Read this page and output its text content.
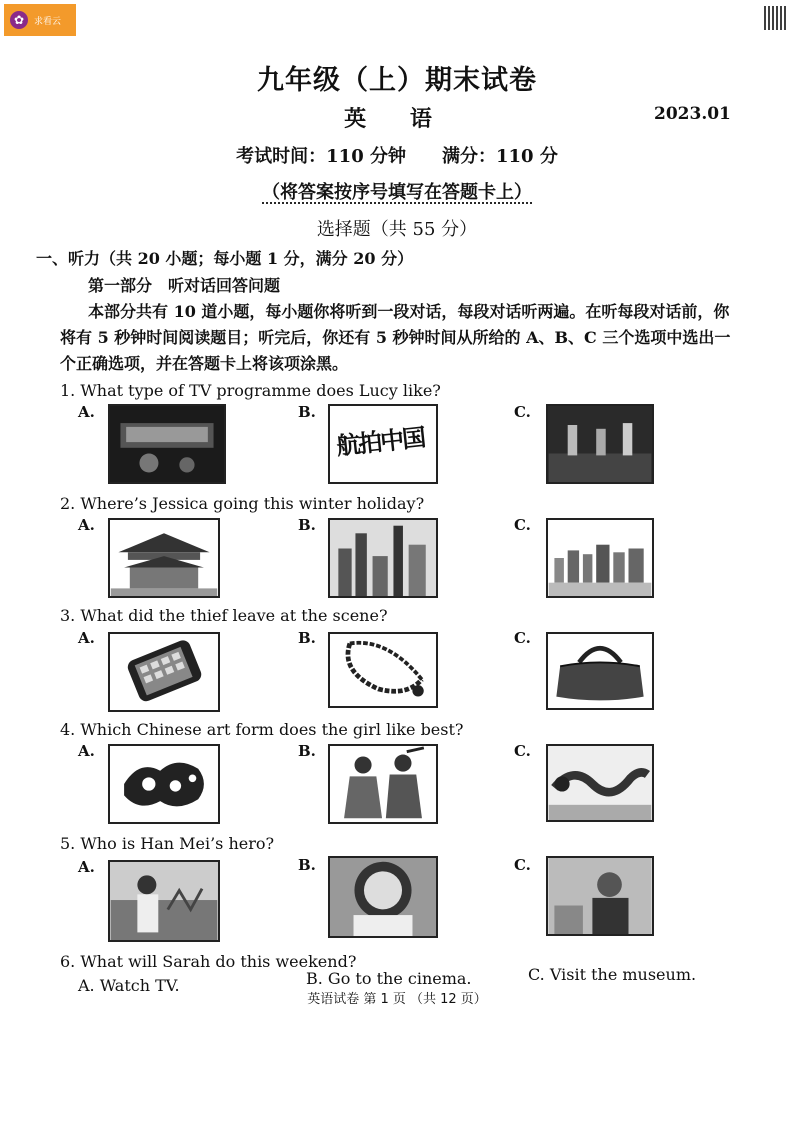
✿	求看云
九年级（上）期末试卷
英 语	2023.01
考试时间：110 分钟　　满分：110 分
（将答案按序号填写在答题卡上）
选择题（共 55 分）
一、听力（共 20 小题；每小题 1 分，满分 20 分）
第一部分　听对话回答问题
本部分共有 10 道小题，每小题你将听到一段对话，每段对话听两遍。在听每段对话前，你将有 5 秒钟时间阅读题目；听完后，你还有 5 秒钟时间从所给的 A、B、C 三个选项中选出一个正确选项，并在答题卡上将该项涂黑。
1. What type of TV programme does Lucy like?
A.	B.	C.
航拍中国
2. Where’s Jessica going this winter holiday?
A.	B.	C.
3. What did the thief leave at the scene?
A.	B.	C.
4. Which Chinese art form does the girl like best?
A.	B.	C.
5. Who is Han Mei’s hero?
A.	B.	C.
6. What will Sarah do this weekend?
A. Watch TV.	B. Go to the cinema.	C. Visit the museum.
英语试卷 第 1 页 （共 12 页）
